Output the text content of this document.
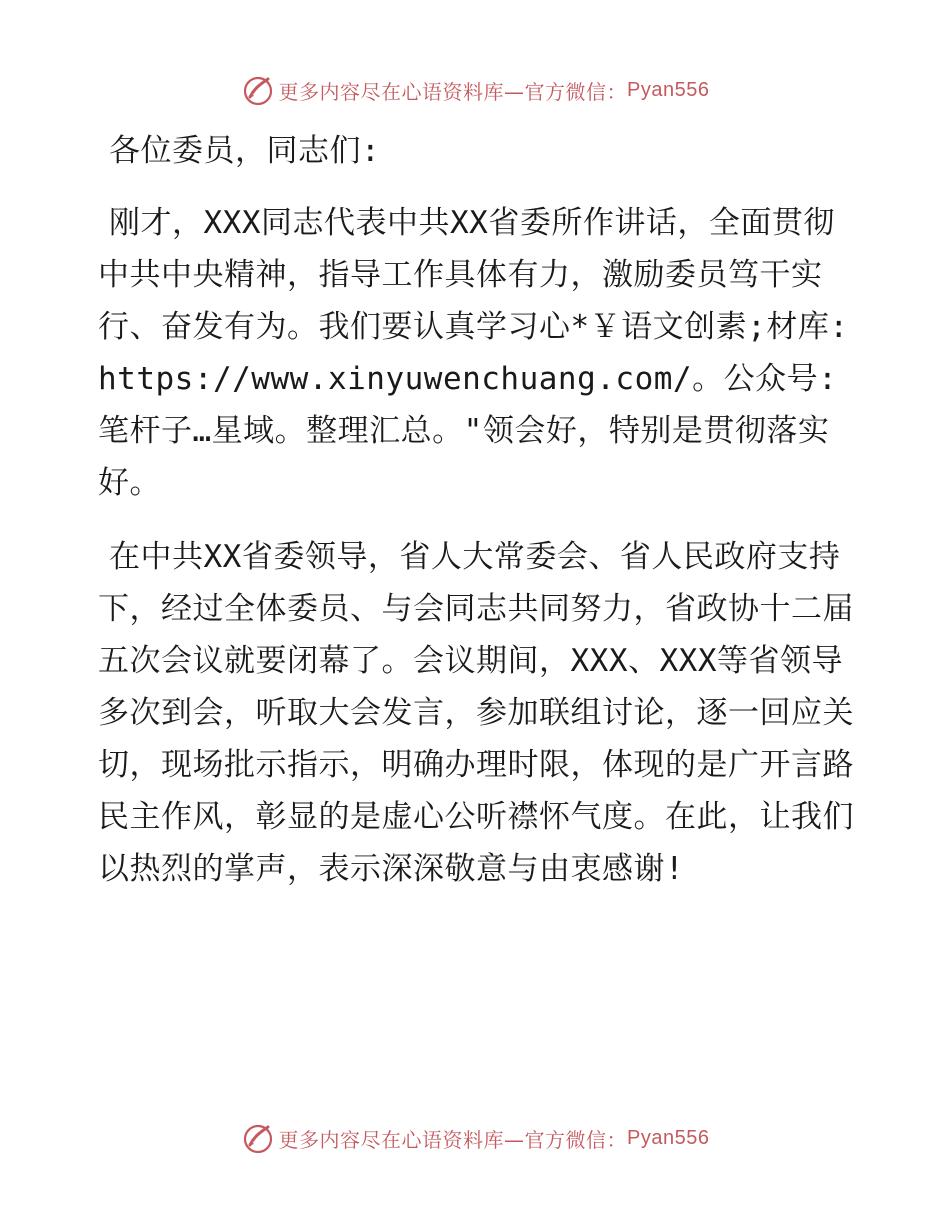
更多内容尽在心语资料库—官方微信： Pyan556

各位委员，同志们:

刚才，XXX同志代表中共XX省委所作讲话，全面贯彻中共中央精神，指导工作具体有力，激励委员笃干实行、奋发有为。我们要认真学习心*￥语文创素;材库: https://www.xinyuwenchuang.com/。公众号: 笔杆子…星域。整理汇总。"领会好，特别是贯彻落实好。

在中共XX省委领导，省人大常委会、省人民政府支持下，经过全体委员、与会同志共同努力，省政协十二届五次会议就要闭幕了。会议期间，XXX、XXX等省领导多次到会，听取大会发言，参加联组讨论，逐一回应关切，现场批示指示，明确办理时限，体现的是广开言路民主作风，彰显的是虚心公听襟怀气度。在此，让我们以热烈的掌声，表示深深敬意与由衷感谢!

更多内容尽在心语资料库—官方微信： Pyan556
